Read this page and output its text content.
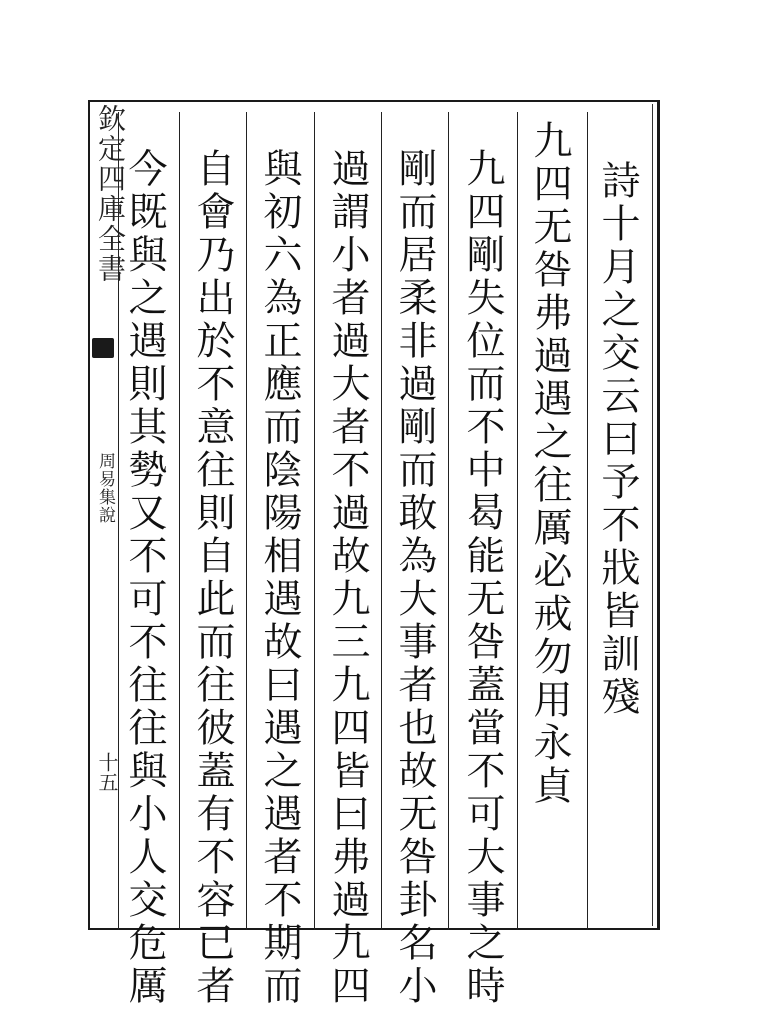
欽定四庫全書
周易集說
十五
詩十月之交云曰予不戕皆訓殘
九四无咎弗過遇之往厲必戒勿用永貞
九四剛失位而不中曷能无咎蓋當不可大事之時
剛而居柔非過剛而敢為大事者也故无咎卦名小
過謂小者過大者不過故九三九四皆曰弗過九四
與初六為正應而陰陽相遇故曰遇之遇者不期而
自會乃出於不意往則自此而往彼蓋有不容已者
今既與之遇則其勢又不可不往往與小人交危厲
